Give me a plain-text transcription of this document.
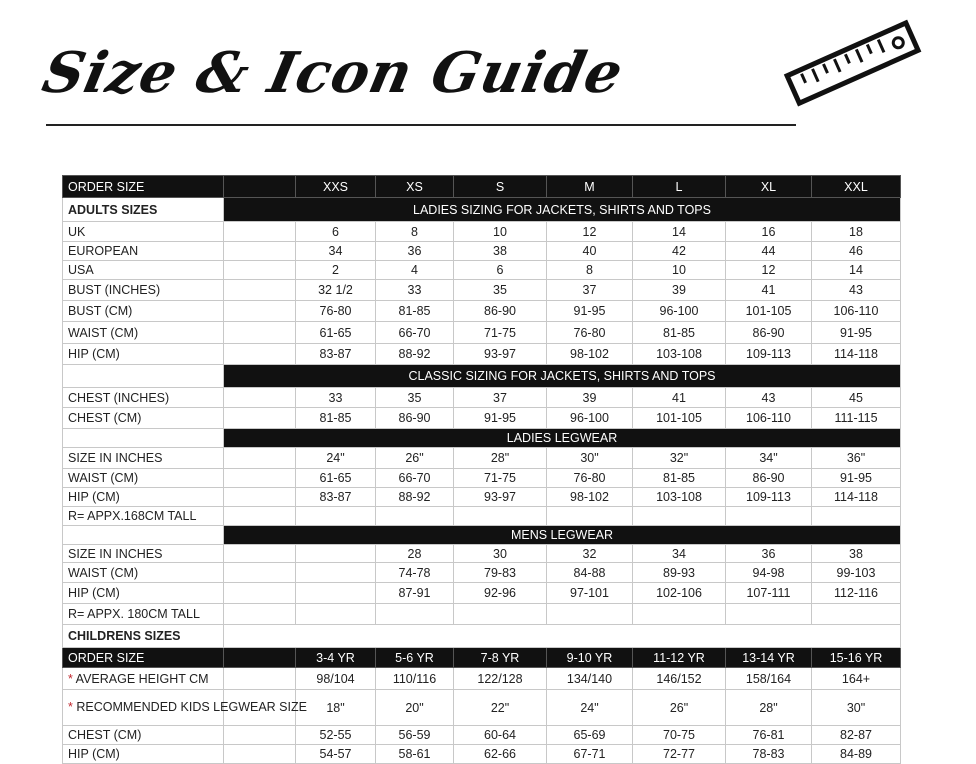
Size & Icon Guide
ORDER SIZE		XXS	XS	S	M	L	XL	XXL
ADULTS SIZES	LADIES SIZING FOR JACKETS, SHIRTS AND TOPS							
UK		6	8	10	12	14	16	18
EUROPEAN		34	36	38	40	42	44	46
USA		2	4	6	8	10	12	14
BUST (INCHES)		32 1/2	33	35	37	39	41	43
BUST (CM)		76-80	81-85	86-90	91-95	96-100	101-105	106-110
WAIST (CM)		61-65	66-70	71-75	76-80	81-85	86-90	91-95
HIP (CM)		83-87	88-92	93-97	98-102	103-108	109-113	114-118
	CLASSIC SIZING FOR JACKETS, SHIRTS AND TOPS							
CHEST (INCHES)		33	35	37	39	41	43	45
CHEST (CM)		81-85	86-90	91-95	96-100	101-105	106-110	111-115
	LADIES LEGWEAR							
SIZE IN INCHES		24"	26"	28"	30"	32"	34"	36"
WAIST (CM)		61-65	66-70	71-75	76-80	81-85	86-90	91-95
HIP (CM)		83-87	88-92	93-97	98-102	103-108	109-113	114-118
R= APPX.168CM TALL								
	MENS LEGWEAR							
SIZE IN INCHES			28	30	32	34	36	38
WAIST (CM)			74-78	79-83	84-88	89-93	94-98	99-103
HIP (CM)			87-91	92-96	97-101	102-106	107-111	112-116
R= APPX. 180CM TALL								
CHILDRENS SIZES								
ORDER SIZE		3-4 YR	5-6 YR	7-8 YR	9-10 YR	11-12 YR	13-14 YR	15-16 YR
* AVERAGE HEIGHT CM		98/104	110/116	122/128	134/140	146/152	158/164	164+
* RECOMMENDED KIDS LEGWEAR SIZE		18"	20"	22"	24"	26"	28"	30"
CHEST (CM)		52-55	56-59	60-64	65-69	70-75	76-81	82-87
HIP (CM)		54-57	58-61	62-66	67-71	72-77	78-83	84-89
